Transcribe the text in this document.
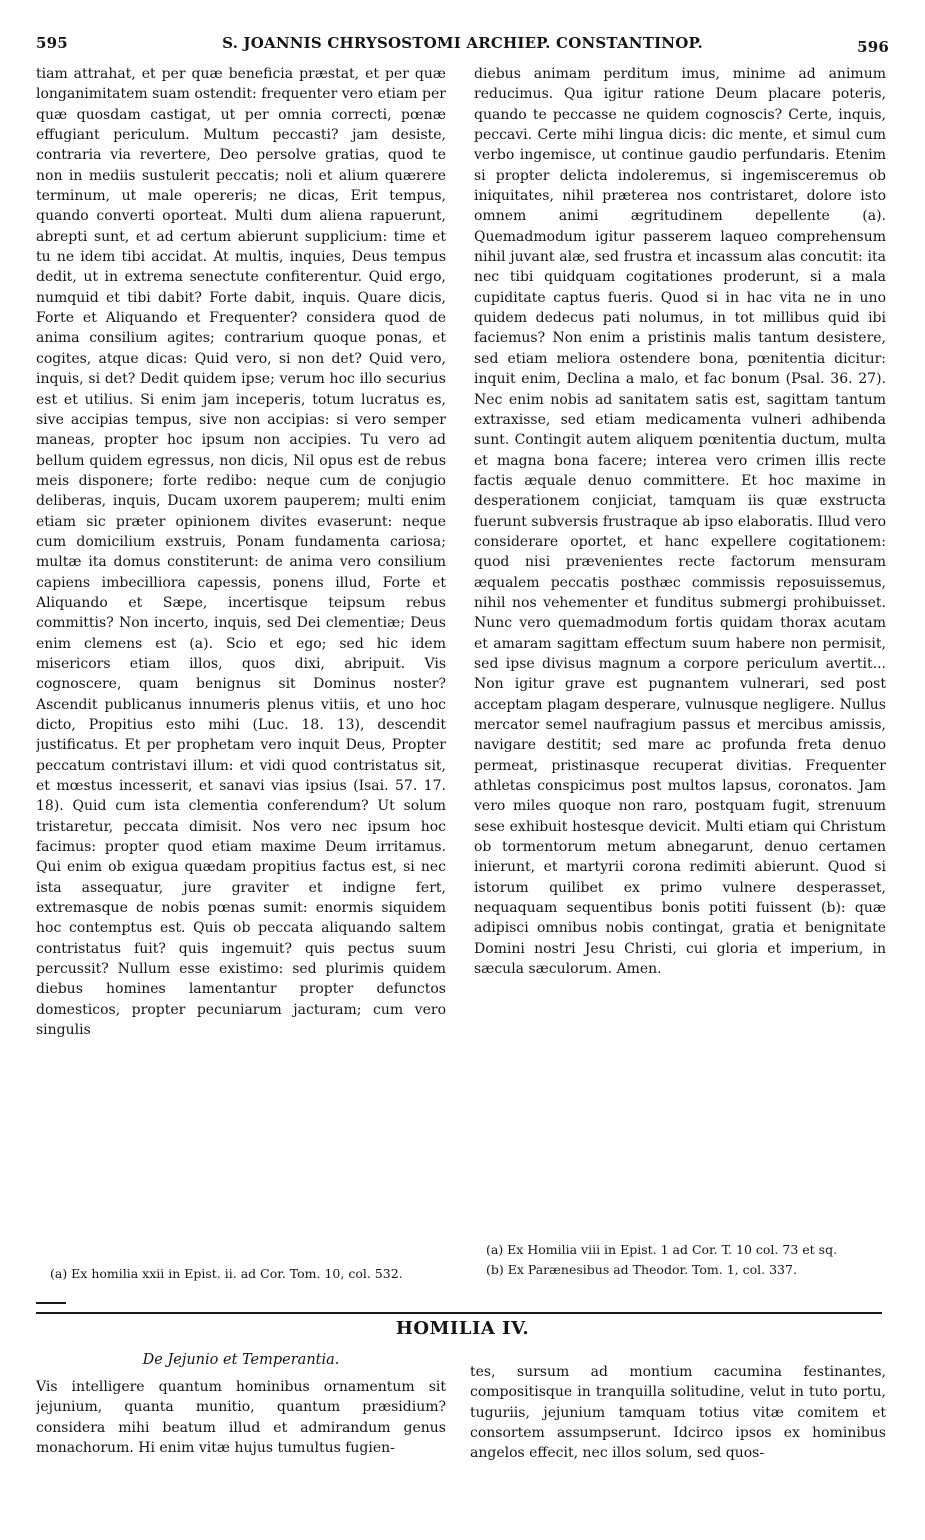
595	S. JOANNIS CHRYSOSTOMI ARCHIEP. CONSTANTINOP.	596

tiam attrahat, et per quæ beneficia præstat, et per quæ longanimitatem suam ostendit: frequenter vero etiam per quæ quosdam castigat, ut per omnia correcti, pœnæ effugiant periculum. Multum peccasti? jam desiste, contraria via revertere, Deo persolve gratias, quod te non in mediis sustulerit peccatis; noli et alium quærere terminum, ut male opereris; ne dicas, Erit tempus, quando converti oporteat. Multi dum aliena rapuerunt, abrepti sunt, et ad certum abierunt supplicium: time et tu ne idem tibi accidat. At multis, inquies, Deus tempus dedit, ut in extrema senectute confiterentur. Quid ergo, numquid et tibi dabit? Forte dabit, inquis. Quare dicis, Forte et Aliquando et Frequenter? considera quod de anima consilium agites; contrarium quoque ponas, et cogites, atque dicas: Quid vero, si non det? Quid vero, inquis, si det? Dedit quidem ipse; verum hoc illo securius est et utilius. Si enim jam inceperis, totum lucratus es, sive accipias tempus, sive non accipias: si vero semper maneas, propter hoc ipsum non accipies. Tu vero ad bellum quidem egressus, non dicis, Nil opus est de rebus meis disponere; forte redibo: neque cum de conjugio deliberas, inquis, Ducam uxorem pauperem; multi enim etiam sic præter opinionem divites evaserunt: neque cum domicilium exstruis, Ponam fundamenta cariosa; multæ ita domus constiterunt: de anima vero consilium capiens imbecilliora capessis, ponens illud, Forte et Aliquando et Sæpe, incertisque teipsum rebus committis? Non incerto, inquis, sed Dei clementiæ; Deus enim clemens est (a). Scio et ego; sed hic idem misericors etiam illos, quos dixi, abripuit. Vis cognoscere, quam benignus sit Dominus noster? Ascendit publicanus innumeris plenus vitiis, et uno hoc dicto, Propitius esto mihi (Luc. 18. 13), descendit justificatus. Et per prophetam vero inquit Deus, Propter peccatum contristavi illum: et vidi quod contristatus sit, et mœstus incesserit, et sanavi vias ipsius (Isai. 57. 17. 18). Quid cum ista clementia conferendum? Ut solum tristaretur, peccata dimisit. Nos vero nec ipsum hoc facimus: propter quod etiam maxime Deum irritamus. Qui enim ob exigua quædam propitius factus est, si nec ista assequatur, jure graviter et indigne fert, extremasque de nobis pœnas sumit: enormis siquidem hoc contemptus est. Quis ob peccata aliquando saltem contristatus fuit? quis ingemuit? quis pectus suum percussit? Nullum esse existimo: sed plurimis quidem diebus homines lamentantur propter defunctos domesticos, propter pecuniarum jacturam; cum vero singulis

diebus animam perditum imus, minime ad animum reducimus. Qua igitur ratione Deum placare poteris, quando te peccasse ne quidem cognoscis? Certe, inquis, peccavi. Certe mihi lingua dicis: dic mente, et simul cum verbo ingemisce, ut continue gaudio perfundaris. Etenim si propter delicta indoleremus, si ingemisceremus ob iniquitates, nihil præterea nos contristaret, dolore isto omnem animi ægritudinem depellente (a). Quemadmodum igitur passerem laqueo comprehensum nihil juvant alæ, sed frustra et incassum alas concutit: ita nec tibi quidquam cogitationes proderunt, si a mala cupiditate captus fueris. Quod si in hac vita ne in uno quidem dedecus pati nolumus, in tot millibus quid ibi faciemus? Non enim a pristinis malis tantum desistere, sed etiam meliora ostendere bona, pœnitentia dicitur: inquit enim, Declina a malo, et fac bonum (Psal. 36. 27). Nec enim nobis ad sanitatem satis est, sagittam tantum extraxisse, sed etiam medicamenta vulneri adhibenda sunt. Contingit autem aliquem pœnitentia ductum, multa et magna bona facere; interea vero crimen illis recte factis æquale denuo committere. Et hoc maxime in desperationem conjiciat, tamquam iis quæ exstructa fuerunt subversis frustraque ab ipso elaboratis. Illud vero considerare oportet, et hanc expellere cogitationem: quod nisi prævenientes recte factorum mensuram æqualem peccatis posthæc commissis reposuissemus, nihil nos vehementer et funditus submergi prohibuisset. Nunc vero quemadmodum fortis quidam thorax acutam et amaram sagittam effectum suum habere non permisit, sed ipse divisus magnum a corpore periculum avertit... Non igitur grave est pugnantem vulnerari, sed post acceptam plagam desperare, vulnusque negligere. Nullus mercator semel naufragium passus et mercibus amissis, navigare destitit; sed mare ac profunda freta denuo permeat, pristinasque recuperat divitias. Frequenter athletas conspicimus post multos lapsus, coronatos. Jam vero miles quoque non raro, postquam fugit, strenuum sese exhibuit hostesque devicit. Multi etiam qui Christum ob tormentorum metum abnegarunt, denuo certamen inierunt, et martyrii corona redimiti abierunt. Quod si istorum quilibet ex primo vulnere desperasset, nequaquam sequentibus bonis potiti fuissent (b): quæ adipisci omnibus nobis contingat, gratia et benignitate Domini nostri Jesu Christi, cui gloria et imperium, in sæcula sæculorum. Amen.

(a) Ex homilia xxii in Epist. ii. ad Cor. Tom. 10, col. 532.
(a) Ex Homilia viii in Epist. 1 ad Cor. T. 10 col. 73 et sq.
(b) Ex Parænesibus ad Theodor. Tom. 1, col. 337.
HOMILIA IV.
De Jejunio et Temperantia.

Vis intelligere quantum hominibus ornamentum sit jejunium, quanta munitio, quantum præsidium? considera mihi beatum illud et admirandum genus monachorum. Hi enim vitæ hujus tumultus fugien-

tes, sursum ad montium cacumina festinantes, compositisque in tranquilla solitudine, velut in tuto portu, tuguriis, jejunium tamquam totius vitæ comitem et consortem assumpserunt. Idcirco ipsos ex hominibus angelos effecit, nec illos solum, sed quos-
